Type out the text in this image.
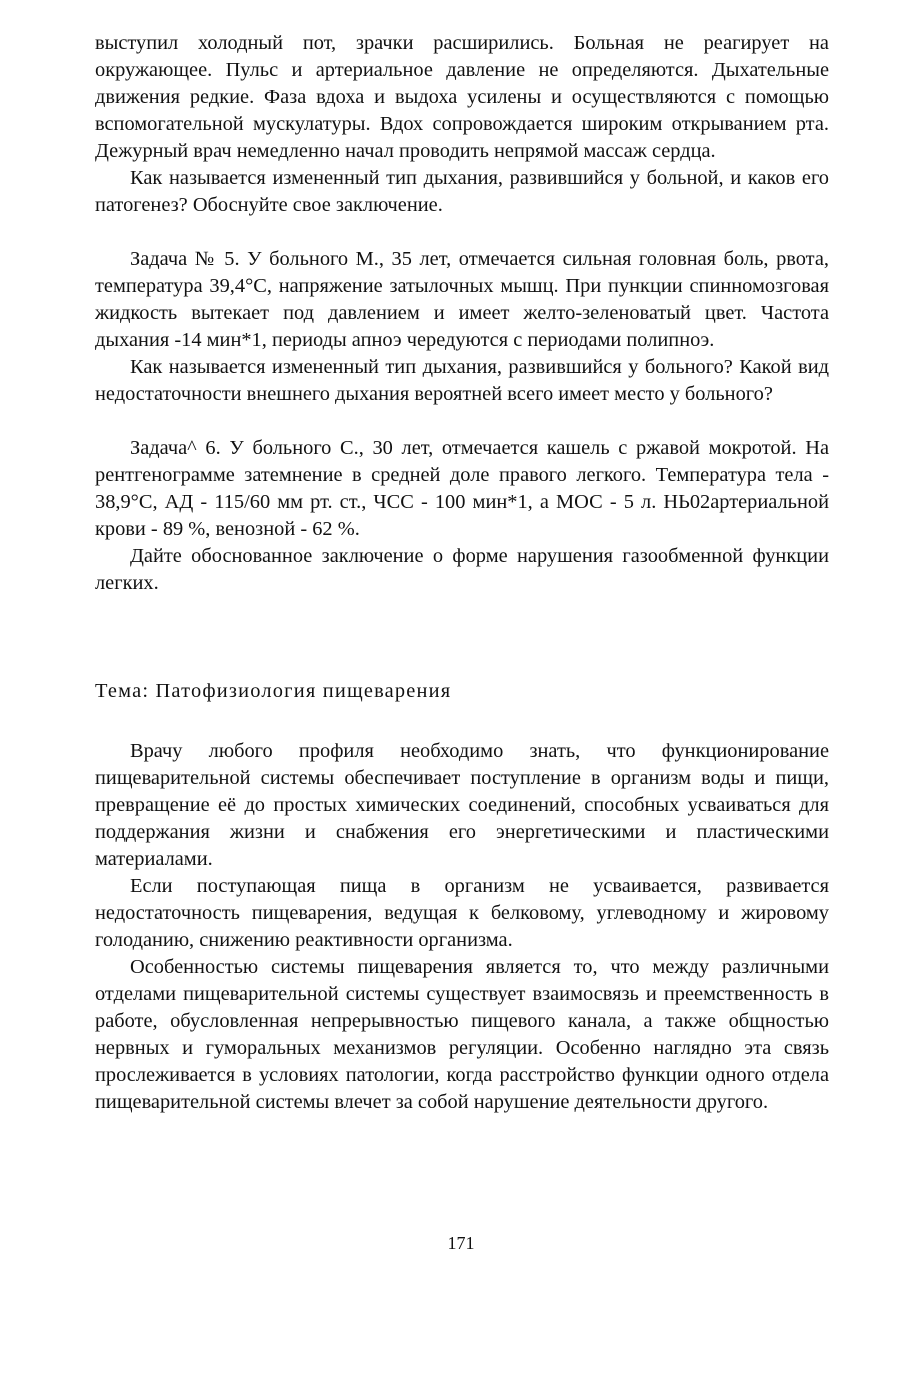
выступил холодный пот, зрачки расширились. Больная не реагирует на окружающее. Пульс и артериальное давление не определяются. Дыхательные движения редкие. Фаза вдоха и выдоха усилены и осуществляются с помощью вспомогательной мускулатуры. Вдох сопровождается широким открыванием рта. Дежурный врач немедленно начал проводить непрямой массаж сердца.

Как называется измененный тип дыхания, развившийся у больной, и каков его патогенез? Обоснуйте свое заключение.

Задача № 5. У больного М., 35 лет, отмечается сильная головная боль, рвота, температура 39,4°С, напряжение затылочных мышц. При пункции спинномозговая жидкость вытекает под давлением и имеет желто-зеленоватый цвет. Частота дыхания -14 мин*1, периоды апноэ чередуются с периодами полипноэ.

Как называется измененный тип дыхания, развившийся у больного? Какой вид недостаточности внешнего дыхания вероятней всего имеет место у больного?

Задача^ 6. У больного С., 30 лет, отмечается кашель с ржавой мокротой. На рентгенограмме затемнение в средней доле правого легкого. Температура тела - 38,9°С, АД - 115/60 мм рт. ст., ЧСС - 100 мин*1, а МОС - 5 л. НЬ02артериальной крови - 89 %, венозной - 62 %.

Дайте обоснованное заключение о форме нарушения газообменной функции легких.

Тема: Патофизиология пищеварения

Врачу любого профиля необходимо знать, что функционирование пищеварительной системы обеспечивает поступление в организм воды и пищи, превращение её до простых химических соединений, способных усваиваться для поддержания жизни и снабжения его энергетическими и пластическими материалами.

Если поступающая пища в организм не усваивается, развивается недостаточность пищеварения, ведущая к белковому, углеводному и жировому голоданию, снижению реактивности организма.

Особенностью системы пищеварения является то, что между различными отделами пищеварительной системы существует взаимосвязь и преемственность в работе, обусловленная непрерывностью пищевого канала, а также общностью нервных и гуморальных механизмов регуляции. Особенно наглядно эта связь прослеживается в условиях патологии, когда расстройство функции одного отдела пищеварительной системы влечет за собой нарушение деятельности другого.

171
